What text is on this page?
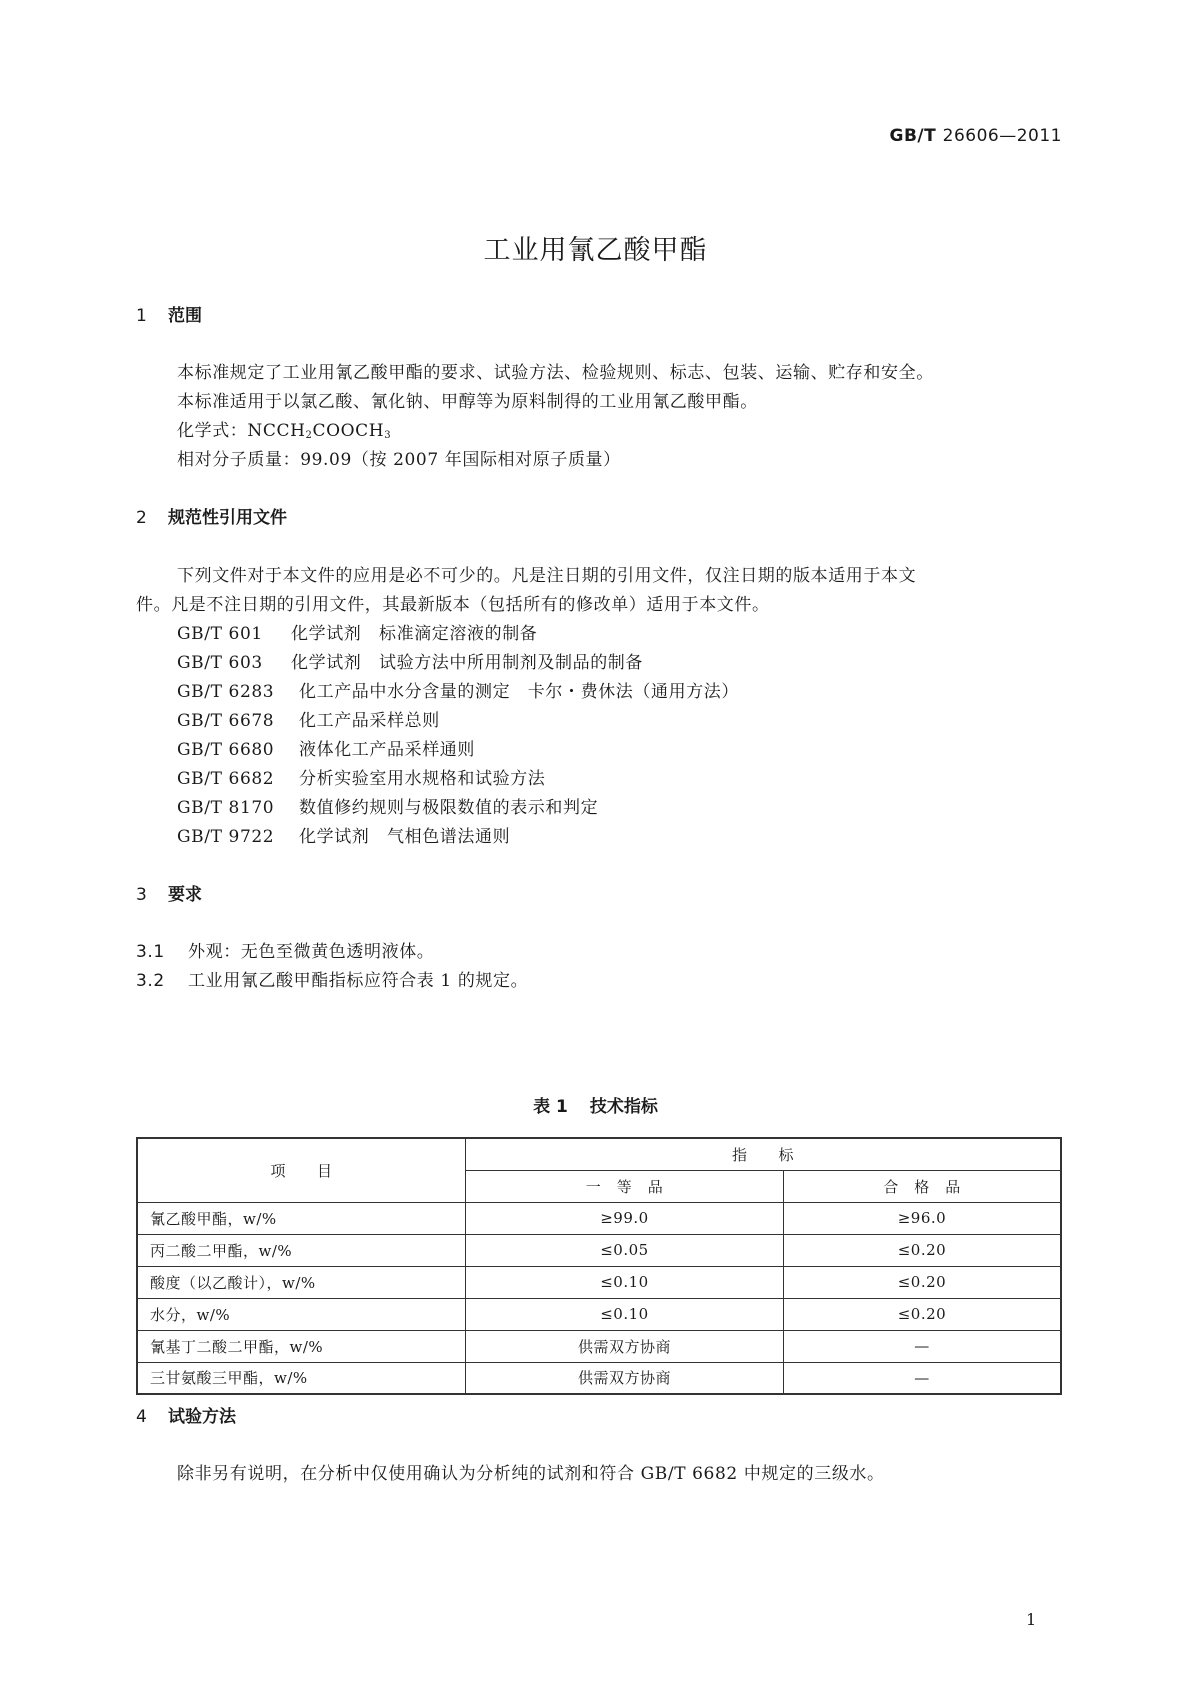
GB/T 26606—2011
工业用氰乙酸甲酯
1 范围
本标准规定了工业用氰乙酸甲酯的要求、试验方法、检验规则、标志、包装、运输、贮存和安全。
本标准适用于以氯乙酸、氰化钠、甲醇等为原料制得的工业用氰乙酸甲酯。
化学式：$NCCH_2COOCH_3$
相对分子质量：99.09（按 2007 年国际相对原子质量）
2 规范性引用文件
下列文件对于本文件的应用是必不可少的。凡是注日期的引用文件，仅注日期的版本适用于本文
件。凡是不注日期的引用文件，其最新版本（包括所有的修改单）适用于本文件。
GB/T 601 化学试剂　标准滴定溶液的制备
GB/T 603 化学试剂　试验方法中所用制剂及制品的制备
GB/T 6283 化工产品中水分含量的测定　卡尔・费休法（通用方法）
GB/T 6678 化工产品采样总则
GB/T 6680 液体化工产品采样通则
GB/T 6682 分析实验室用水规格和试验方法
GB/T 8170 数值修约规则与极限数值的表示和判定
GB/T 9722 化学试剂　气相色谱法通则
3 要求
3.1 外观：无色至微黄色透明液体。
3.2 工业用氰乙酸甲酯指标应符合表 1 的规定。
表 1 技术指标
项　　目	指　　标	
	一　等　品	合　格　品
氰乙酸甲酯，w/%	≥99.0	≥96.0
丙二酸二甲酯，w/%	≤0.05	≤0.20
酸度（以乙酸计），w/%	≤0.10	≤0.20
水分，w/%	≤0.10	≤0.20
氰基丁二酸二甲酯，w/%	供需双方协商	—
三甘氨酸三甲酯，w/%	供需双方协商	—
4 试验方法
除非另有说明，在分析中仅使用确认为分析纯的试剂和符合 GB/T 6682 中规定的三级水。
1
